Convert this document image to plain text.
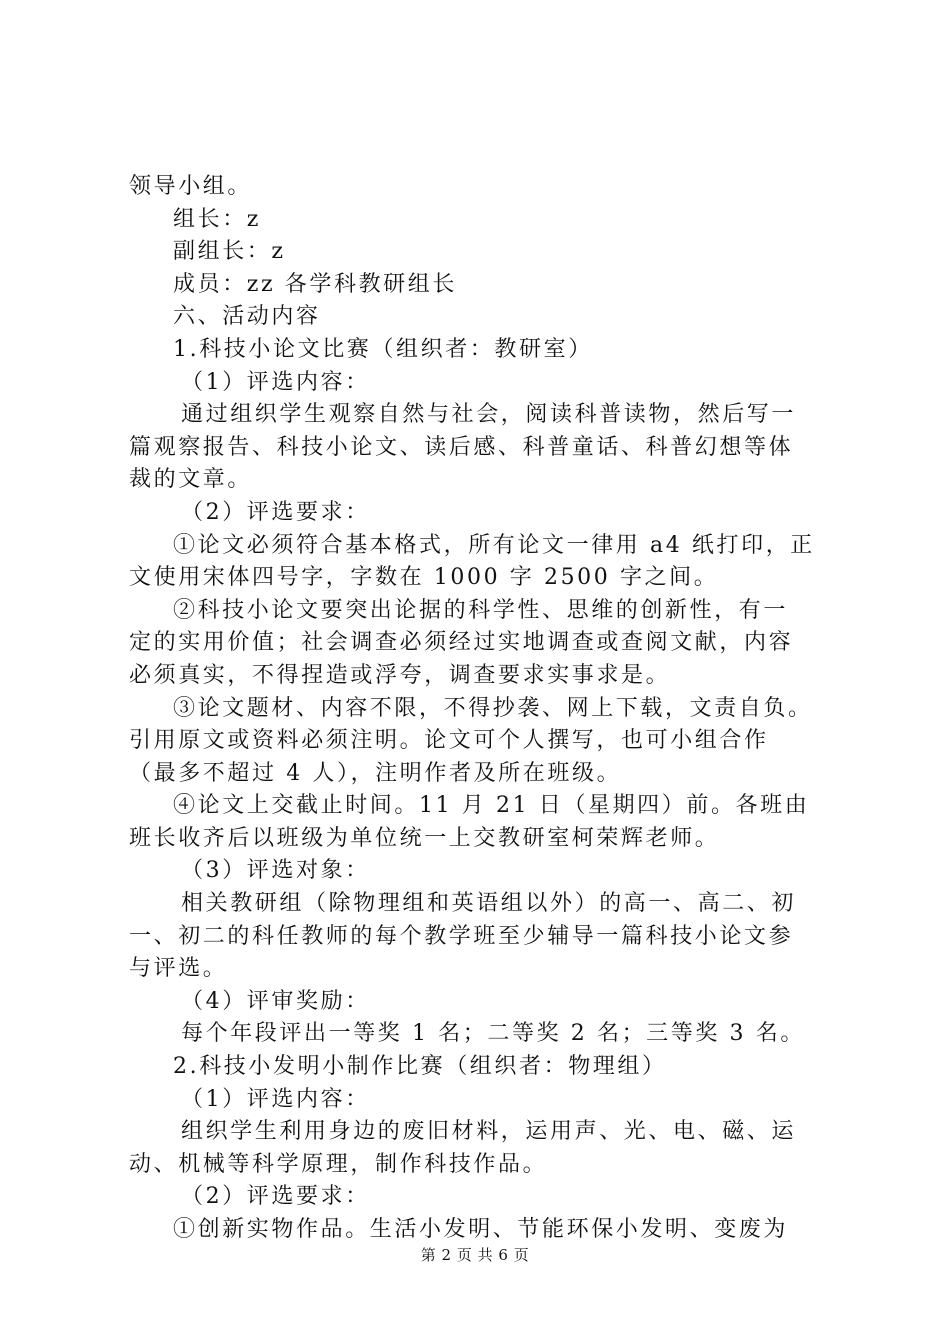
领导小组。
组长：z
副组长：z
成员：zz 各学科教研组长
六、活动内容
1.科技小论文比赛（组织者：教研室）
（1）评选内容：
通过组织学生观察自然与社会，阅读科普读物，然后写一
篇观察报告、科技小论文、读后感、科普童话、科普幻想等体
裁的文章。
（2）评选要求：
①论文必须符合基本格式，所有论文一律用 a4 纸打印，正
文使用宋体四号字，字数在 1000 字 2500 字之间。
②科技小论文要突出论据的科学性、思维的创新性，有一
定的实用价值；社会调查必须经过实地调查或查阅文献，内容
必须真实，不得捏造或浮夸，调查要求实事求是。
③论文题材、内容不限，不得抄袭、网上下载，文责自负。
引用原文或资料必须注明。论文可个人撰写，也可小组合作
（最多不超过 4 人），注明作者及所在班级。
④论文上交截止时间。11 月 21 日（星期四）前。各班由
班长收齐后以班级为单位统一上交教研室柯荣辉老师。
（3）评选对象：
相关教研组（除物理组和英语组以外）的高一、高二、初
一、初二的科任教师的每个教学班至少辅导一篇科技小论文参
与评选。
（4）评审奖励：
每个年段评出一等奖 1 名；二等奖 2 名；三等奖 3 名。
2.科技小发明小制作比赛（组织者：物理组）
（1）评选内容：
组织学生利用身边的废旧材料，运用声、光、电、磁、运
动、机械等科学原理，制作科技作品。
（2）评选要求：
①创新实物作品。生活小发明、节能环保小发明、变废为
第 2 页 共 6 页
